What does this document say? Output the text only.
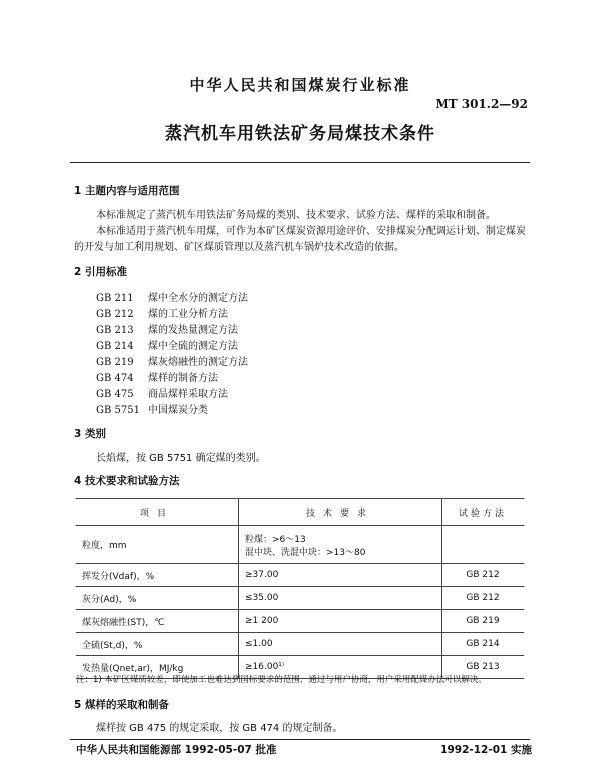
中华人民共和国煤炭行业标准
MT 301.2—92
蒸汽机车用铁法矿务局煤技术条件
1 主题内容与适用范围
本标准规定了蒸汽机车用铁法矿务局煤的类别、技术要求、试验方法、煤样的采取和制备。
本标准适用于蒸汽机车用煤，可作为本矿区煤炭资源用途评价、安排煤炭分配调运计划、制定煤炭的开发与加工利用规划、矿区煤质管理以及蒸汽机车锅炉技术改造的依据。
2 引用标准
GB 211 煤中全水分的测定方法
GB 212 煤的工业分析方法
GB 213 煤的发热量测定方法
GB 214 煤中全硫的测定方法
GB 219 煤灰熔融性的测定方法
GB 474 煤样的制备方法
GB 475 商品煤样采取方法
GB 5751 中国煤炭分类
3 类别
长焰煤，按 GB 5751 确定煤的类别。
4 技术要求和试验方法
项目	技术要求	试验方法
粒度，mm	粒煤：>6～13
混中块、洗混中块：>13～80	

挥发分(Vdaf)，%	≥37.00	GB 212
灰分(Ad)，%	≤35.00	GB 212
煤灰熔融性(ST)，℃	≥1 200	GB 219
全硫(St,d)，%	≤1.00	GB 214
发热量(Qnet,ar)，MJ/kg	≥16.00¹⁾	GB 213
注：1) 本矿区煤质较差，即使加工也难达到国标要求的范围，通过与用户协商，用户采用配煤办法可以解决。
5 煤样的采取和制备
煤样按 GB 475 的规定采取，按 GB 474 的规定制备。
中华人民共和国能源部 1992-05-07 批准	1992-12-01 实施
